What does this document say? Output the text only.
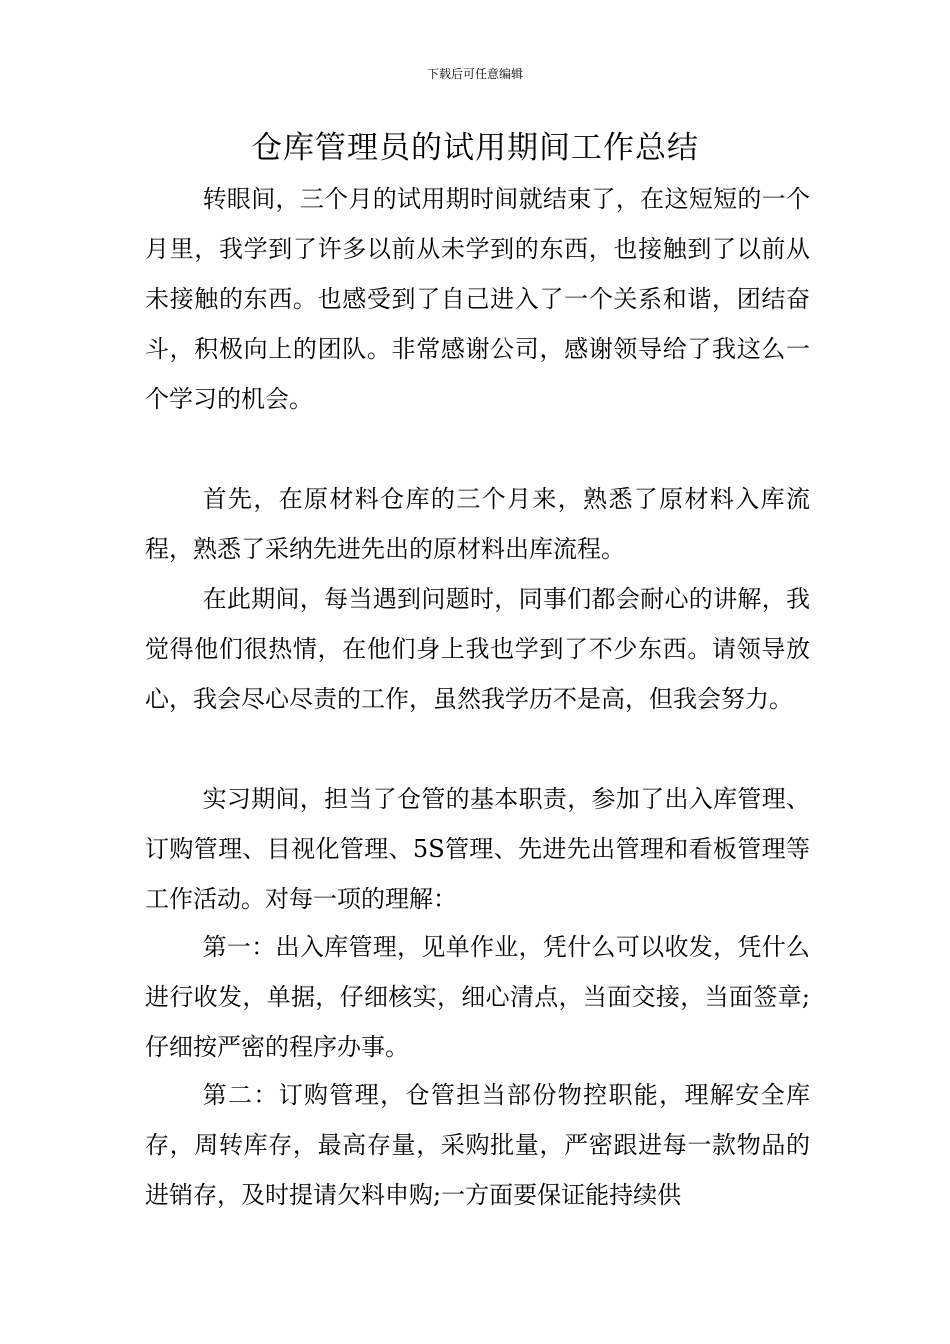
下载后可任意编辑
仓库管理员的试用期间工作总结

转眼间，三个月的试用期时间就结束了，在这短短的一个月里，我学到了许多以前从未学到的东西，也接触到了以前从未接触的东西。也感受到了自己进入了一个关系和谐，团结奋斗，积极向上的团队。非常感谢公司，感谢领导给了我这么一个学习的机会。

首先，在原材料仓库的三个月来，熟悉了原材料入库流程，熟悉了采纳先进先出的原材料出库流程。

在此期间，每当遇到问题时，同事们都会耐心的讲解，我觉得他们很热情，在他们身上我也学到了不少东西。请领导放心，我会尽心尽责的工作，虽然我学历不是高，但我会努力。

实习期间，担当了仓管的基本职责，参加了出入库管理、订购管理、目视化管理、5S管理、先进先出管理和看板管理等工作活动。对每一项的理解：

第一：出入库管理，见单作业，凭什么可以收发，凭什么进行收发，单据，仔细核实，细心清点，当面交接，当面签章;仔细按严密的程序办事。

第二：订购管理，仓管担当部份物控职能，理解安全库存，周转库存，最高存量，采购批量，严密跟进每一款物品的进销存，及时提请欠料申购;一方面要保证能持续供
